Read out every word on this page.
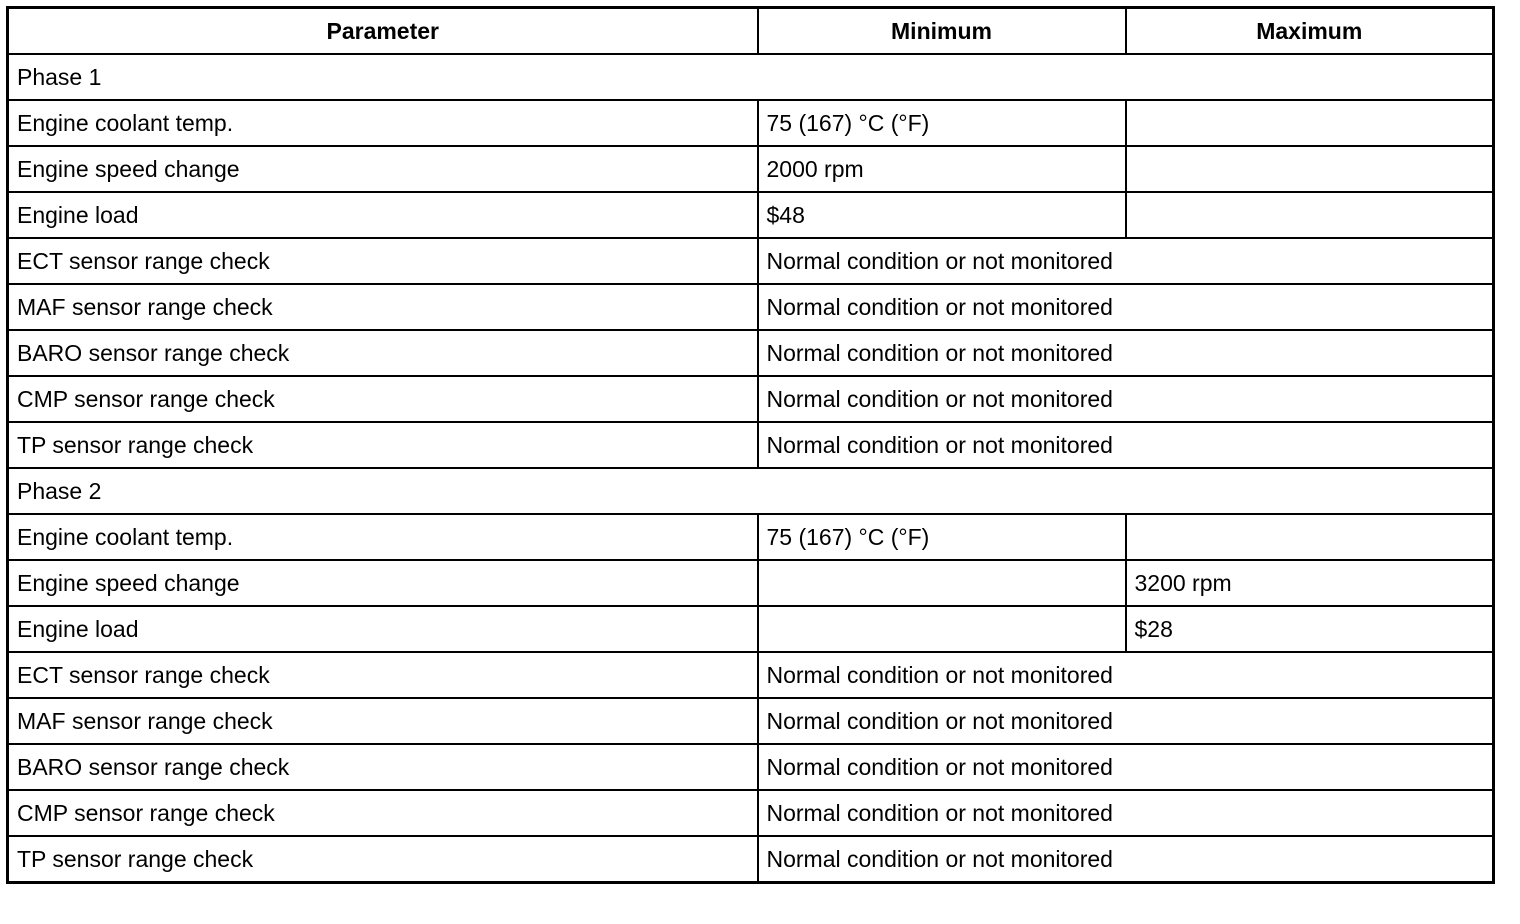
Parameter	Minimum	Maximum
Phase 1		
Engine coolant temp.	75 (167) °C (°F)	
Engine speed change	2000 rpm	
Engine load	$48	
ECT sensor range check	Normal condition or not monitored	
MAF sensor range check	Normal condition or not monitored	
BARO sensor range check	Normal condition or not monitored	
CMP sensor range check	Normal condition or not monitored	
TP sensor range check	Normal condition or not monitored	
Phase 2		
Engine coolant temp.	75 (167) °C (°F)	
Engine speed change		3200 rpm
Engine load		$28
ECT sensor range check	Normal condition or not monitored	
MAF sensor range check	Normal condition or not monitored	
BARO sensor range check	Normal condition or not monitored	
CMP sensor range check	Normal condition or not monitored	
TP sensor range check	Normal condition or not monitored	
